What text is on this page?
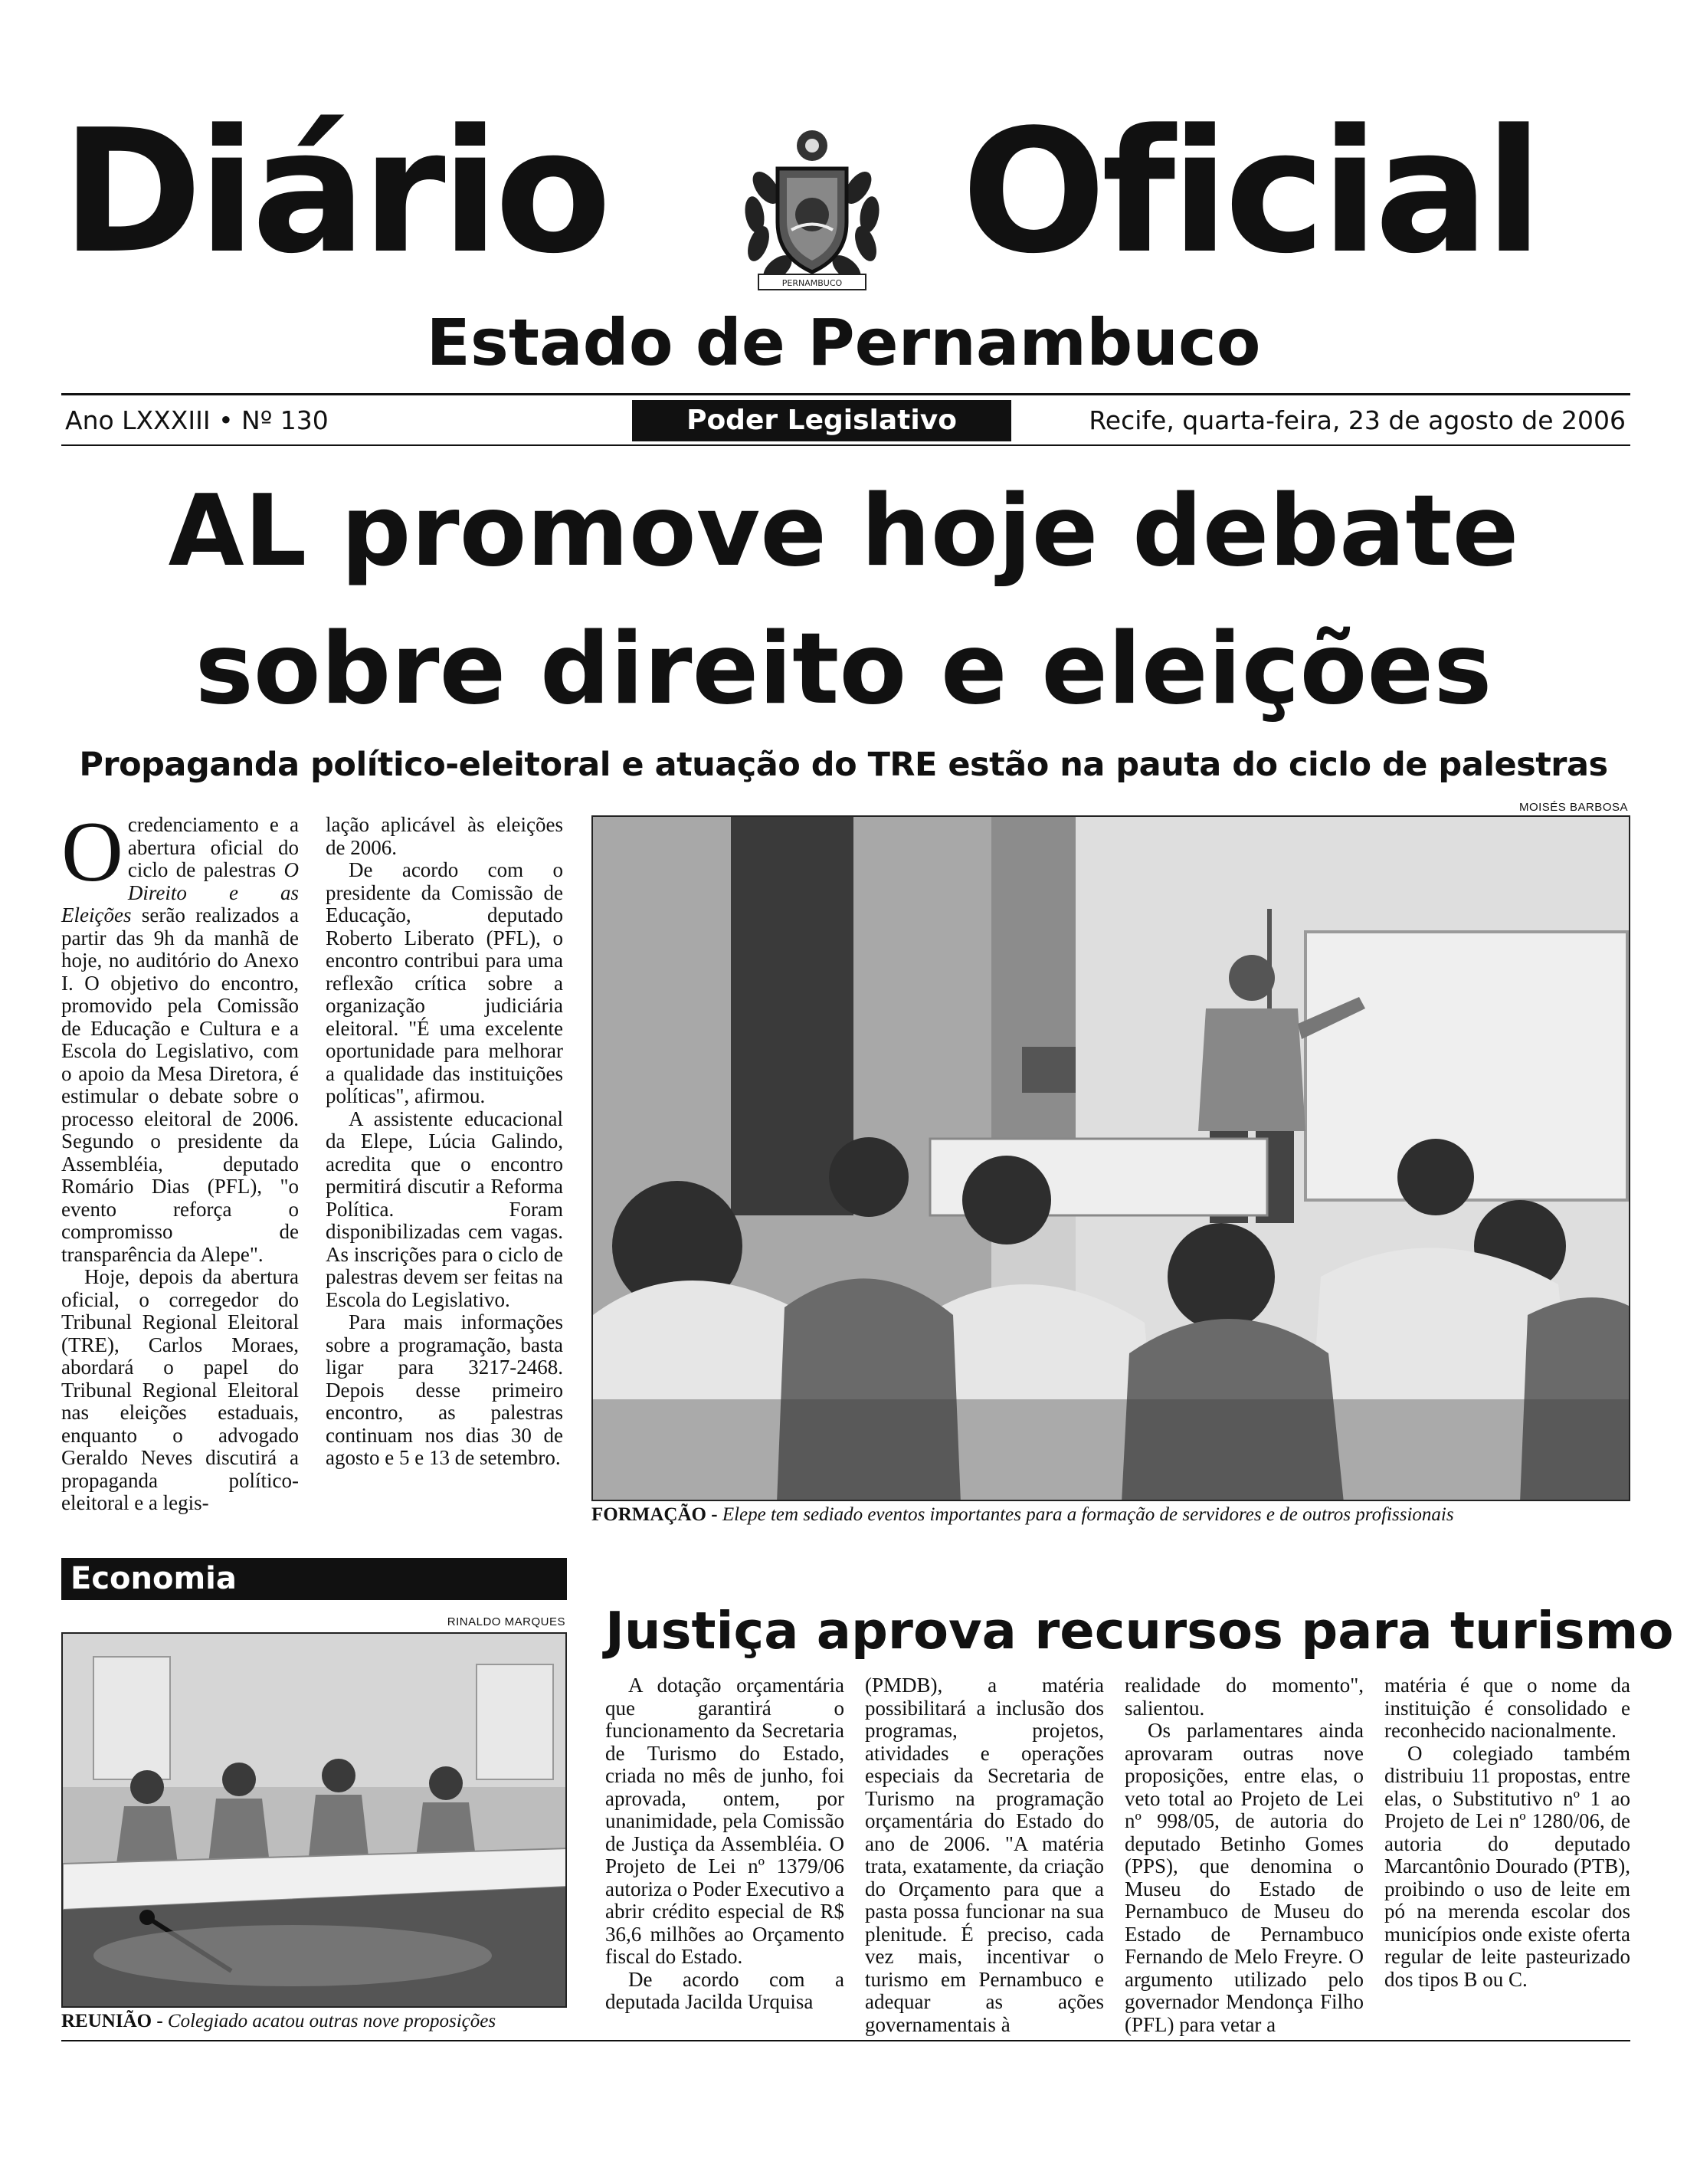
Diário	PERNAMBUCO Oficial
Estado de Pernambuco
Ano LXXXIII • Nº 130	Poder Legislativo	Recife, quarta-feira, 23 de agosto de 2006
AL promove hoje debate
sobre direito e eleições
Propaganda político-eleitoral e atuação do TRE estão na pauta do ciclo de palestras

Ocredenciamento e a abertura oficial do ciclo de palestras O Direito e as Eleições serão realizados a partir das 9h da manhã de hoje, no auditório do Anexo I. O objetivo do encontro, promovido pela Comissão de Educação e Cultura e a Escola do Legislativo, com o apoio da Mesa Diretora, é estimular o debate sobre o processo eleitoral de 2006. Segundo o presidente da Assembléia, deputado Romário Dias (PFL), "o evento reforça o compromisso de transparência da Alepe".

Hoje, depois da abertura oficial, o corregedor do Tribunal Regional Eleitoral (TRE), Carlos Moraes, abordará o papel do Tribunal Regional Eleitoral nas eleições estaduais, enquanto o advogado Geraldo Neves discutirá a propaganda político-eleitoral e a legis-

lação aplicável às eleições de 2006.

De acordo com o presidente da Comissão de Educação, deputado Roberto Liberato (PFL), o encontro contribui para uma reflexão crítica sobre a organização judiciária eleitoral. "É uma excelente oportunidade para melhorar a qualidade das instituições políticas", afirmou.

A assistente educacional da Elepe, Lúcia Galindo, acredita que o encontro permitirá discutir a Reforma Política. Foram disponibilizadas cem vagas. As inscrições para o ciclo de palestras devem ser feitas na Escola do Legislativo.

Para mais informações sobre a programação, basta ligar para 3217-2468. Depois desse primeiro encontro, as palestras continuam nos dias 30 de agosto e 5 e 13 de setembro.

MOISÉS BARBOSA
FORMAÇÃO - Elepe tem sediado eventos importantes para a formação de servidores e de outros profissionais
Economia
RINALDO MARQUES
REUNIÃO - Colegiado acatou outras nove proposições
Justiça aprova recursos para turismo

A dotação orçamentária que garantirá o funcionamento da Secretaria de Turismo do Estado, criada no mês de junho, foi aprovada, ontem, por unanimidade, pela Comissão de Justiça da Assembléia. O Projeto de Lei nº 1379/06 autoriza o Poder Executivo a abrir crédito especial de R$ 36,6 milhões ao Orçamento fiscal do Estado.

De acordo com a deputada Jacilda Urquisa

(PMDB), a matéria possibilitará a inclusão dos programas, projetos, atividades e operações especiais da Secretaria de Turismo na programação orçamentária do Estado do ano de 2006. "A matéria trata, exatamente, da criação do Orçamento para que a pasta possa funcionar na sua plenitude. É preciso, cada vez mais, incentivar o turismo em Pernambuco e adequar as ações governamentais à

realidade do momento", salientou.

Os parlamentares ainda aprovaram outras nove proposições, entre elas, o veto total ao Projeto de Lei nº 998/05, de autoria do deputado Betinho Gomes (PPS), que denomina o Museu do Estado de Pernambuco de Museu do Estado de Pernambuco Fernando de Melo Freyre. O argumento utilizado pelo governador Mendonça Filho (PFL) para vetar a

matéria é que o nome da instituição é consolidado e reconhecido nacionalmente.

O colegiado também distribuiu 11 propostas, entre elas, o Substitutivo nº 1 ao Projeto de Lei nº 1280/06, de autoria do deputado Marcantônio Dourado (PTB), proibindo o uso de leite em pó na merenda escolar dos municípios onde existe oferta regular de leite pasteurizado dos tipos B ou C.
